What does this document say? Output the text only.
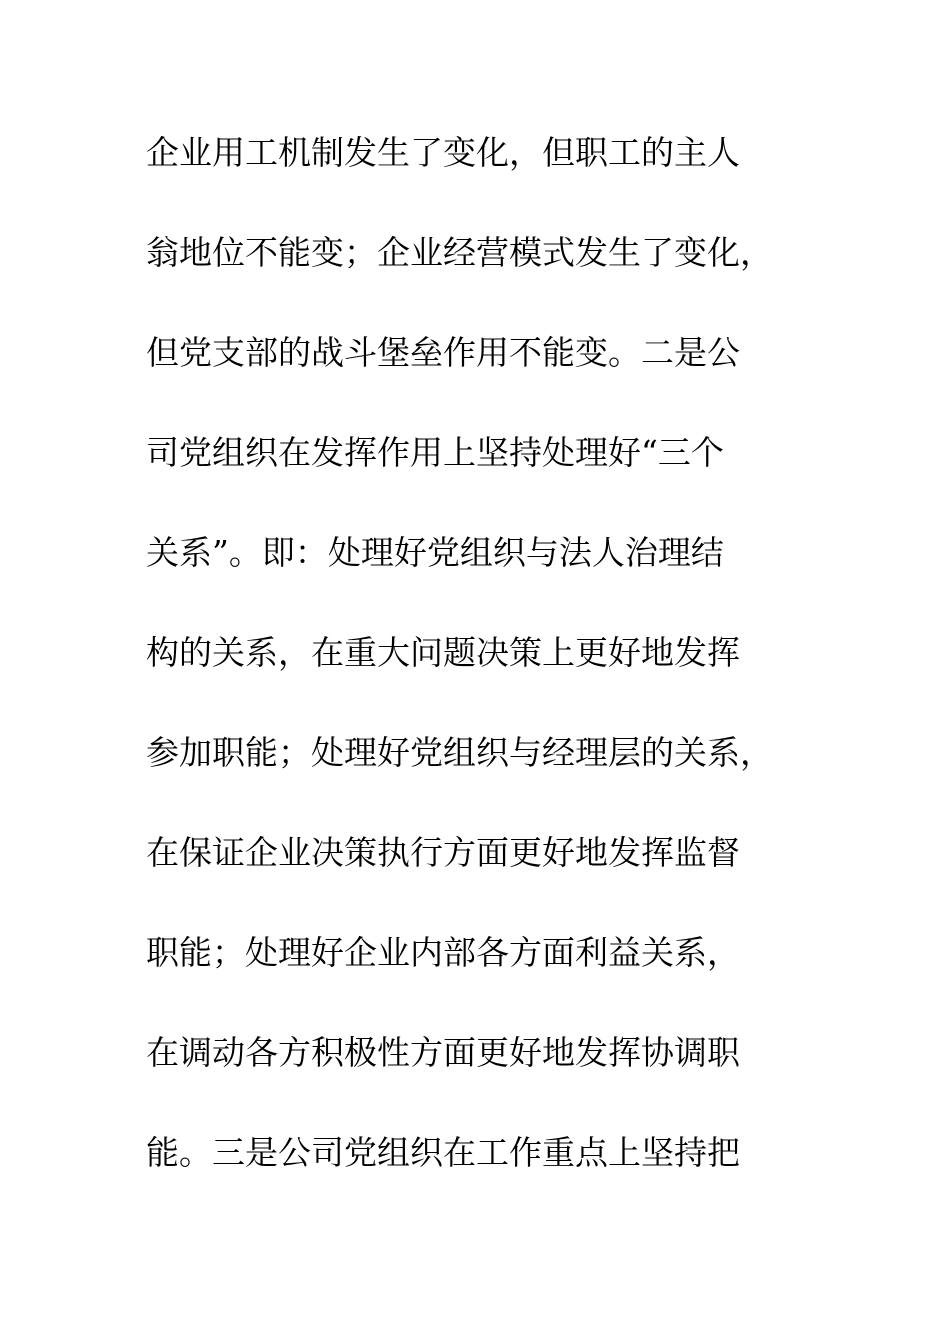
企业用工机制发生了变化，但职工的主人
翁地位不能变；企业经营模式发生了变化，
但党支部的战斗堡垒作用不能变。二是公
司党组织在发挥作用上坚持处理好“三个
关系”。即：处理好党组织与法人治理结
构的关系，在重大问题决策上更好地发挥
参加职能；处理好党组织与经理层的关系，
在保证企业决策执行方面更好地发挥监督
职能；处理好企业内部各方面利益关系，
在调动各方积极性方面更好地发挥协调职
能。三是公司党组织在工作重点上坚持把
